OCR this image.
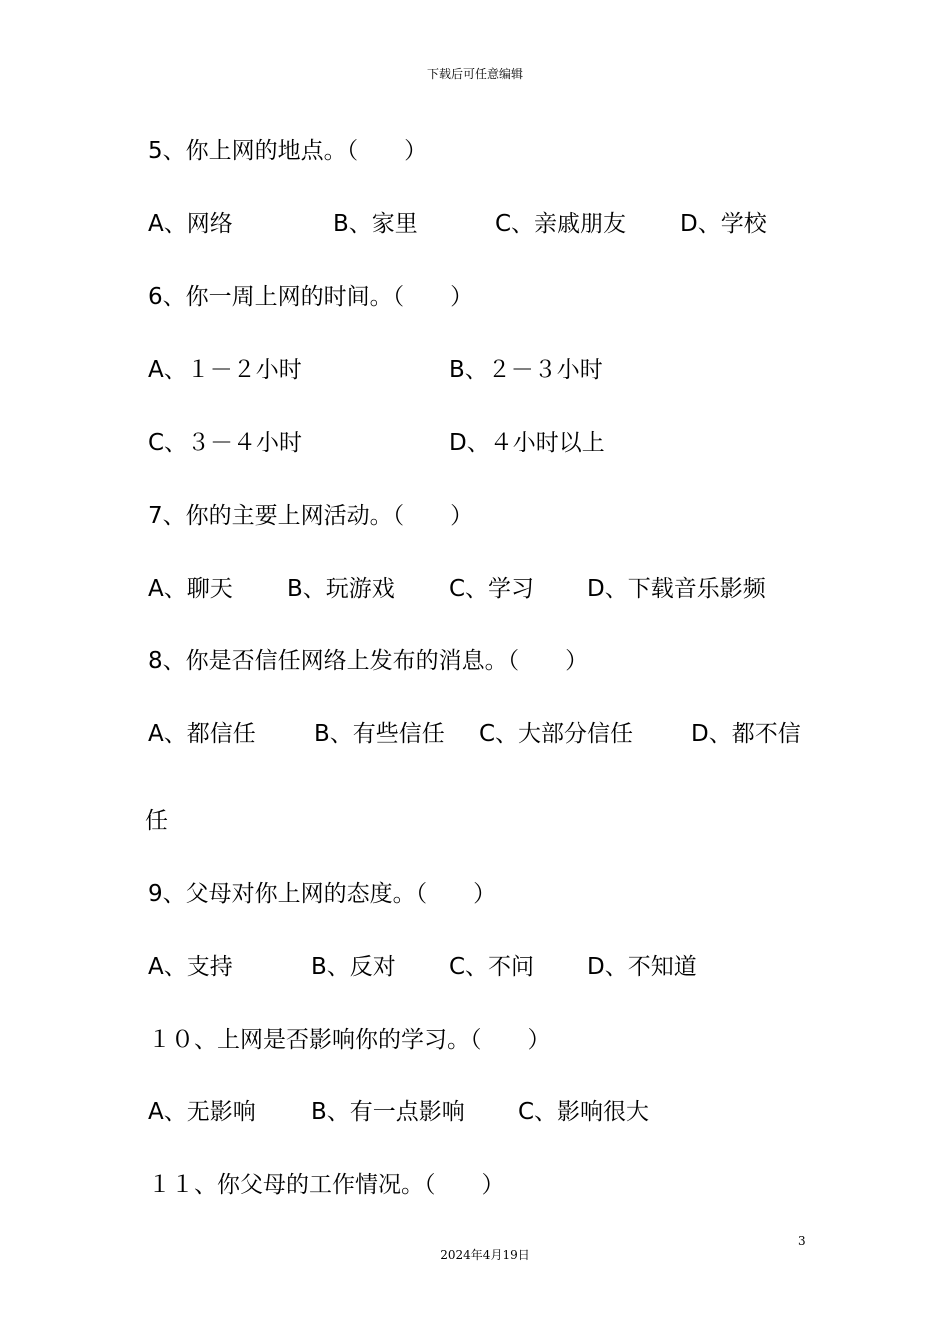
下载后可任意编辑
5、你上网的地点。（　　）
A、网络	B、家里	C、亲戚朋友 D、学校
6、你一周上网的时间。（　　）
A、１－２小时	B、２－３小时
C、３－４小时	D、４小时以上
7、你的主要上网活动。（　　）
A、聊天 B、玩游戏 C、学习 D、下载音乐影频
8、你是否信任网络上发布的消息。（　　）
A、都信任	B、有些信任 C、大部分信任	D、都不信
任
9、父母对你上网的态度。（　　）
A、支持	B、反对 C、不问 D、不知道
１０、上网是否影响你的学习。（　　）
A、无影响 B、有一点影响 C、影响很大
１１、你父母的工作情况。（　　）
3
2024年4月19日
